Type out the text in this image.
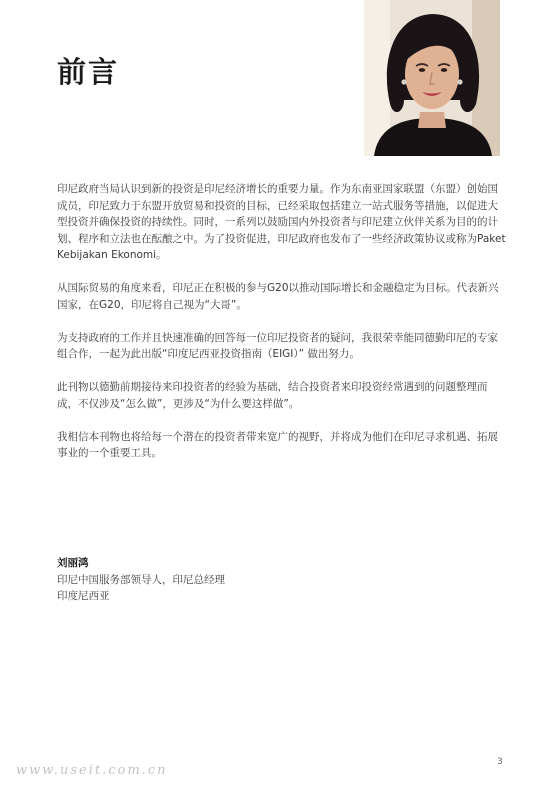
前言

印尼政府当局认识到新的投资是印尼经济增长的重要力量。作为东南亚国家联盟（东盟）创始国成员，印尼致力于东盟开放贸易和投资的目标，已经采取包括建立一站式服务等措施，以促进大型投资并确保投资的持续性。同时，一系列以鼓励国内外投资者与印尼建立伙伴关系为目的的计划、程序和立法也在酝酿之中。为了投资促进，印尼政府也发布了一些经济政策协议或称为Paket Kebijakan Ekonomi。

从国际贸易的角度来看，印尼正在积极的参与G20以推动国际增长和金融稳定为目标。代表新兴国家，在G20，印尼将自己视为“大哥”。

为支持政府的工作并且快速准确的回答每一位印尼投资者的疑问，我很荣幸能同德勤印尼的专家组合作，一起为此出版“印度尼西亚投资指南（EIGI）” 做出努力。

此刊物以德勤前期接待来印投资者的经验为基础，结合投资者来印投资经常遇到的问题整理而成，不仅涉及“怎么做”，更涉及“为什么要这样做”。

我相信本刊物也将给每一个潜在的投资者带来宽广的视野，并将成为他们在印尼寻求机遇、拓展事业的一个重要工具。

刘丽鸿
印尼中国服务部领导人，印尼总经理
印度尼西亚
3
www.useit.com.cn
